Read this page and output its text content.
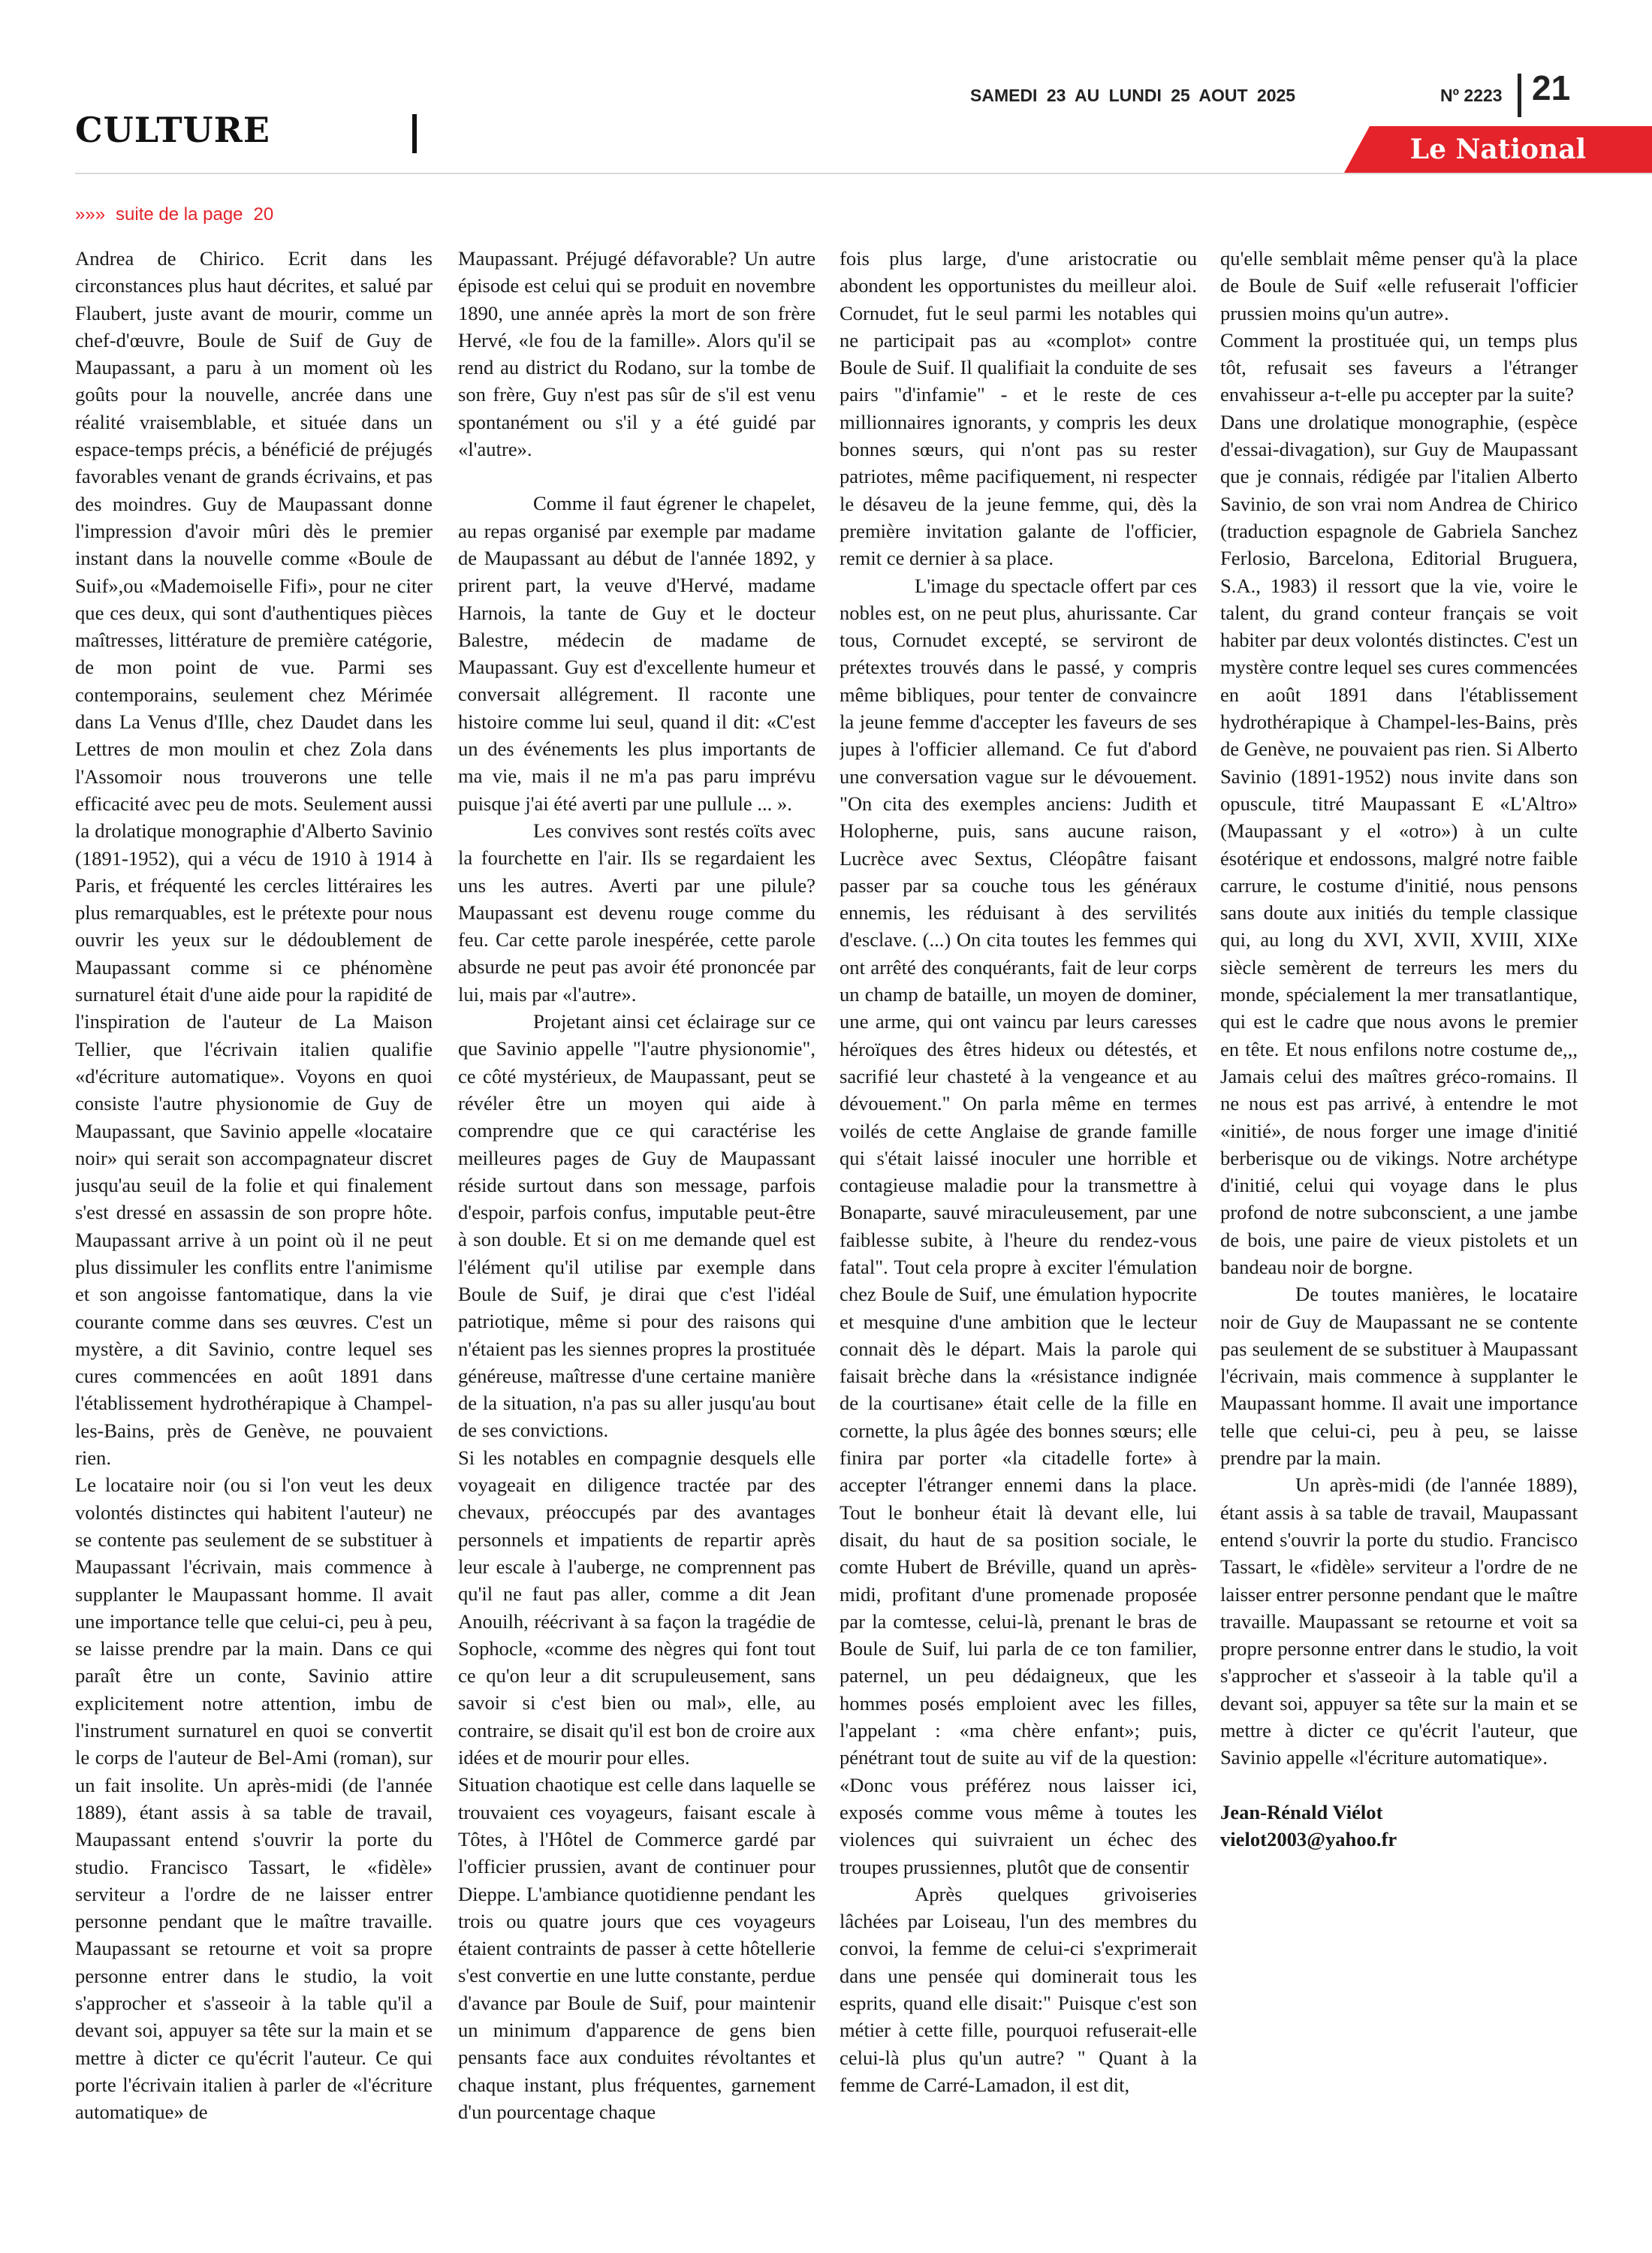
CULTURE
SAMEDI 23 AU LUNDI 25 AOUT 2025	Nº 2223 21
Le National
»»» suite de la page 20

Andrea de Chirico. Ecrit dans les circonstances plus haut décrites, et salué par Flaubert, juste avant de mourir, comme un chef-d'œuvre, Boule de Suif de Guy de Maupassant, a paru à un moment où les goûts pour la nouvelle, ancrée dans une réalité vraisemblable, et située dans un espace-temps précis, a bénéficié de préjugés favorables venant de grands écrivains, et pas des moindres. Guy de Maupassant donne l'impression d'avoir mûri dès le premier instant dans la nouvelle comme «Boule de Suif»,ou «Mademoiselle Fifi», pour ne citer que ces deux, qui sont d'authentiques pièces maîtresses, littérature de première catégorie, de mon point de vue. Parmi ses contemporains, seulement chez Mérimée dans La Venus d'Ille, chez Daudet dans les Lettres de mon moulin et chez Zola dans l'Assomoir nous trouverons une telle efficacité avec peu de mots. Seulement aussi la drolatique monographie d'Alberto Savinio (1891-1952), qui a vécu de 1910 à 1914 à Paris, et fréquenté les cercles littéraires les plus remarquables, est le prétexte pour nous ouvrir les yeux sur le dédoublement de Maupassant comme si ce phénomène surnaturel était d'une aide pour la rapidité de l'inspiration de l'auteur de La Maison Tellier, que l'écrivain italien qualifie «d'écriture automatique». Voyons en quoi consiste l'autre physionomie de Guy de Maupassant, que Savinio appelle «locataire noir» qui serait son accompagnateur discret jusqu'au seuil de la folie et qui finalement s'est dressé en assassin de son propre hôte. Maupassant arrive à un point où il ne peut plus dissimuler les conflits entre l'animisme et son angoisse fantomatique, dans la vie courante comme dans ses œuvres. C'est un mystère, a dit Savinio, contre lequel ses cures commencées en août 1891 dans l'établissement hydrothérapique à Champel-les-Bains, près de Genève, ne pouvaient rien.

Le locataire noir (ou si l'on veut les deux volontés distinctes qui habitent l'auteur) ne se contente pas seulement de se substituer à Maupassant l'écrivain, mais commence à supplanter le Maupassant homme. Il avait une importance telle que celui-ci, peu à peu, se laisse prendre par la main. Dans ce qui paraît être un conte, Savinio attire explicitement notre attention, imbu de l'instrument surnaturel en quoi se convertit le corps de l'auteur de Bel-Ami (roman), sur un fait insolite. Un après-midi (de l'année 1889), étant assis à sa table de travail, Maupassant entend s'ouvrir la porte du studio. Francisco Tassart, le «fidèle» serviteur a l'ordre de ne laisser entrer personne pendant que le maître travaille. Maupassant se retourne et voit sa propre personne entrer dans le studio, la voit s'approcher et s'asseoir à la table qu'il a devant soi, appuyer sa tête sur la main et se mettre à dicter ce qu'écrit l'auteur. Ce qui porte l'écrivain italien à parler de «l'écriture automatique» de

Maupassant. Préjugé défavorable? Un autre épisode est celui qui se produit en novembre 1890, une année après la mort de son frère Hervé, «le fou de la famille». Alors qu'il se rend au district du Rodano, sur la tombe de son frère, Guy n'est pas sûr de s'il est venu spontanément ou s'il y a été guidé par «l'autre».

Comme il faut égrener le chapelet, au repas organisé par exemple par madame de Maupassant au début de l'année 1892, y prirent part, la veuve d'Hervé, madame Harnois, la tante de Guy et le docteur Balestre, médecin de madame de Maupassant. Guy est d'excellente humeur et conversait allégrement. Il raconte une histoire comme lui seul, quand il dit: «C'est un des événements les plus importants de ma vie, mais il ne m'a pas paru imprévu puisque j'ai été averti par une pullule ... ».

Les convives sont restés coïts avec la fourchette en l'air. Ils se regardaient les uns les autres. Averti par une pilule? Maupassant est devenu rouge comme du feu. Car cette parole inespérée, cette parole absurde ne peut pas avoir été prononcée par lui, mais par «l'autre».

Projetant ainsi cet éclairage sur ce que Savinio appelle "l'autre physionomie", ce côté mystérieux, de Maupassant, peut se révéler être un moyen qui aide à comprendre que ce qui caractérise les meilleures pages de Guy de Maupassant réside surtout dans son message, parfois d'espoir, parfois confus, imputable peut-être à son double. Et si on me demande quel est l'élément qu'il utilise par exemple dans Boule de Suif, je dirai que c'est l'idéal patriotique, même si pour des raisons qui n'étaient pas les siennes propres la prostituée généreuse, maîtresse d'une certaine manière de la situation, n'a pas su aller jusqu'au bout de ses convictions.

Si les notables en compagnie desquels elle voyageait en diligence tractée par des chevaux, préoccupés par des avantages personnels et impatients de repartir après leur escale à l'auberge, ne comprennent pas qu'il ne faut pas aller, comme a dit Jean Anouilh, réécrivant à sa façon la tragédie de Sophocle, «comme des nègres qui font tout ce qu'on leur a dit scrupuleusement, sans savoir si c'est bien ou mal», elle, au contraire, se disait qu'il est bon de croire aux idées et de mourir pour elles.

Situation chaotique est celle dans laquelle se trouvaient ces voyageurs, faisant escale à Tôtes, à l'Hôtel de Commerce gardé par l'officier prussien, avant de continuer pour Dieppe. L'ambiance quotidienne pendant les trois ou quatre jours que ces voyageurs étaient contraints de passer à cette hôtellerie s'est convertie en une lutte constante, perdue d'avance par Boule de Suif, pour maintenir un minimum d'apparence de gens bien pensants face aux conduites révoltantes et chaque instant, plus fréquentes, garnement d'un pourcentage chaque

fois plus large, d'une aristocratie ou abondent les opportunistes du meilleur aloi. Cornudet, fut le seul parmi les notables qui ne participait pas au «complot» contre Boule de Suif. Il qualifiait la conduite de ses pairs "d'infamie" - et le reste de ces millionnaires ignorants, y compris les deux bonnes sœurs, qui n'ont pas su rester patriotes, même pacifiquement, ni respecter le désaveu de la jeune femme, qui, dès la première invitation galante de l'officier, remit ce dernier à sa place.

L'image du spectacle offert par ces nobles est, on ne peut plus, ahurissante. Car tous, Cornudet excepté, se serviront de prétextes trouvés dans le passé, y compris même bibliques, pour tenter de convaincre la jeune femme d'accepter les faveurs de ses jupes à l'officier allemand. Ce fut d'abord une conversation vague sur le dévouement. "On cita des exemples anciens: Judith et Holopherne, puis, sans aucune raison, Lucrèce avec Sextus, Cléopâtre faisant passer par sa couche tous les généraux ennemis, les réduisant à des servilités d'esclave. (...) On cita toutes les femmes qui ont arrêté des conquérants, fait de leur corps un champ de bataille, un moyen de dominer, une arme, qui ont vaincu par leurs caresses héroïques des êtres hideux ou détestés, et sacrifié leur chasteté à la vengeance et au dévouement." On parla même en termes voilés de cette Anglaise de grande famille qui s'était laissé inoculer une horrible et contagieuse maladie pour la transmettre à Bonaparte, sauvé miraculeusement, par une faiblesse subite, à l'heure du rendez-vous fatal". Tout cela propre à exciter l'émulation chez Boule de Suif, une émulation hypocrite et mesquine d'une ambition que le lecteur connait dès le départ. Mais la parole qui faisait brèche dans la «résistance indignée de la courtisane» était celle de la fille en cornette, la plus âgée des bonnes sœurs; elle finira par porter «la citadelle forte» à accepter l'étranger ennemi dans la place. Tout le bonheur était là devant elle, lui disait, du haut de sa position sociale, le comte Hubert de Bréville, quand un après-midi, profitant d'une promenade proposée par la comtesse, celui-là, prenant le bras de Boule de Suif, lui parla de ce ton familier, paternel, un peu dédaigneux, que les hommes posés emploient avec les filles, l'appelant : «ma chère enfant»; puis, pénétrant tout de suite au vif de la question: «Donc vous préférez nous laisser ici, exposés comme vous même à toutes les violences qui suivraient un échec des troupes prussiennes, plutôt que de consentir

Après quelques grivoiseries lâchées par Loiseau, l'un des membres du convoi, la femme de celui-ci s'exprimerait dans une pensée qui dominerait tous les esprits, quand elle disait:" Puisque c'est son métier à cette fille, pourquoi refuserait-elle celui-là plus qu'un autre? " Quant à la femme de Carré-Lamadon, il est dit,

qu'elle semblait même penser qu'à la place de Boule de Suif «elle refuserait l'officier prussien moins qu'un autre».

Comment la prostituée qui, un temps plus tôt, refusait ses faveurs a l'étranger envahisseur a-t-elle pu accepter par la suite?

Dans une drolatique monographie, (espèce d'essai-divagation), sur Guy de Maupassant que je connais, rédigée par l'italien Alberto Savinio, de son vrai nom Andrea de Chirico (traduction espagnole de Gabriela Sanchez Ferlosio, Barcelona, Editorial Bruguera, S.A., 1983) il ressort que la vie, voire le talent, du grand conteur français se voit habiter par deux volontés distinctes. C'est un mystère contre lequel ses cures commencées en août 1891 dans l'établissement hydrothérapique à Champel-les-Bains, près de Genève, ne pouvaient pas rien. Si Alberto Savinio (1891-1952) nous invite dans son opuscule, titré Maupassant E «L'Altro» (Maupassant y el «otro») à un culte ésotérique et endossons, malgré notre faible carrure, le costume d'initié, nous pensons sans doute aux initiés du temple classique qui, au long du XVI, XVII, XVIII, XIXe siècle semèrent de terreurs les mers du monde, spécialement la mer transatlantique, qui est le cadre que nous avons le premier en tête. Et nous enfilons notre costume de,,, Jamais celui des maîtres gréco-romains. Il ne nous est pas arrivé, à entendre le mot «initié», de nous forger une image d'initié berberisque ou de vikings. Notre archétype d'initié, celui qui voyage dans le plus profond de notre subconscient, a une jambe de bois, une paire de vieux pistolets et un bandeau noir de borgne.

De toutes manières, le locataire noir de Guy de Maupassant ne se contente pas seulement de se substituer à Maupassant l'écrivain, mais commence à supplanter le Maupassant homme. Il avait une importance telle que celui-ci, peu à peu, se laisse prendre par la main.

Un après-midi (de l'année 1889), étant assis à sa table de travail, Maupassant entend s'ouvrir la porte du studio. Francisco Tassart, le «fidèle» serviteur a l'ordre de ne laisser entrer personne pendant que le maître travaille. Maupassant se retourne et voit sa propre personne entrer dans le studio, la voit s'approcher et s'asseoir à la table qu'il a devant soi, appuyer sa tête sur la main et se mettre à dicter ce qu'écrit l'auteur, que Savinio appelle «l'écriture automatique».

Jean-Rénald Viélot
vielot2003@yahoo.fr
